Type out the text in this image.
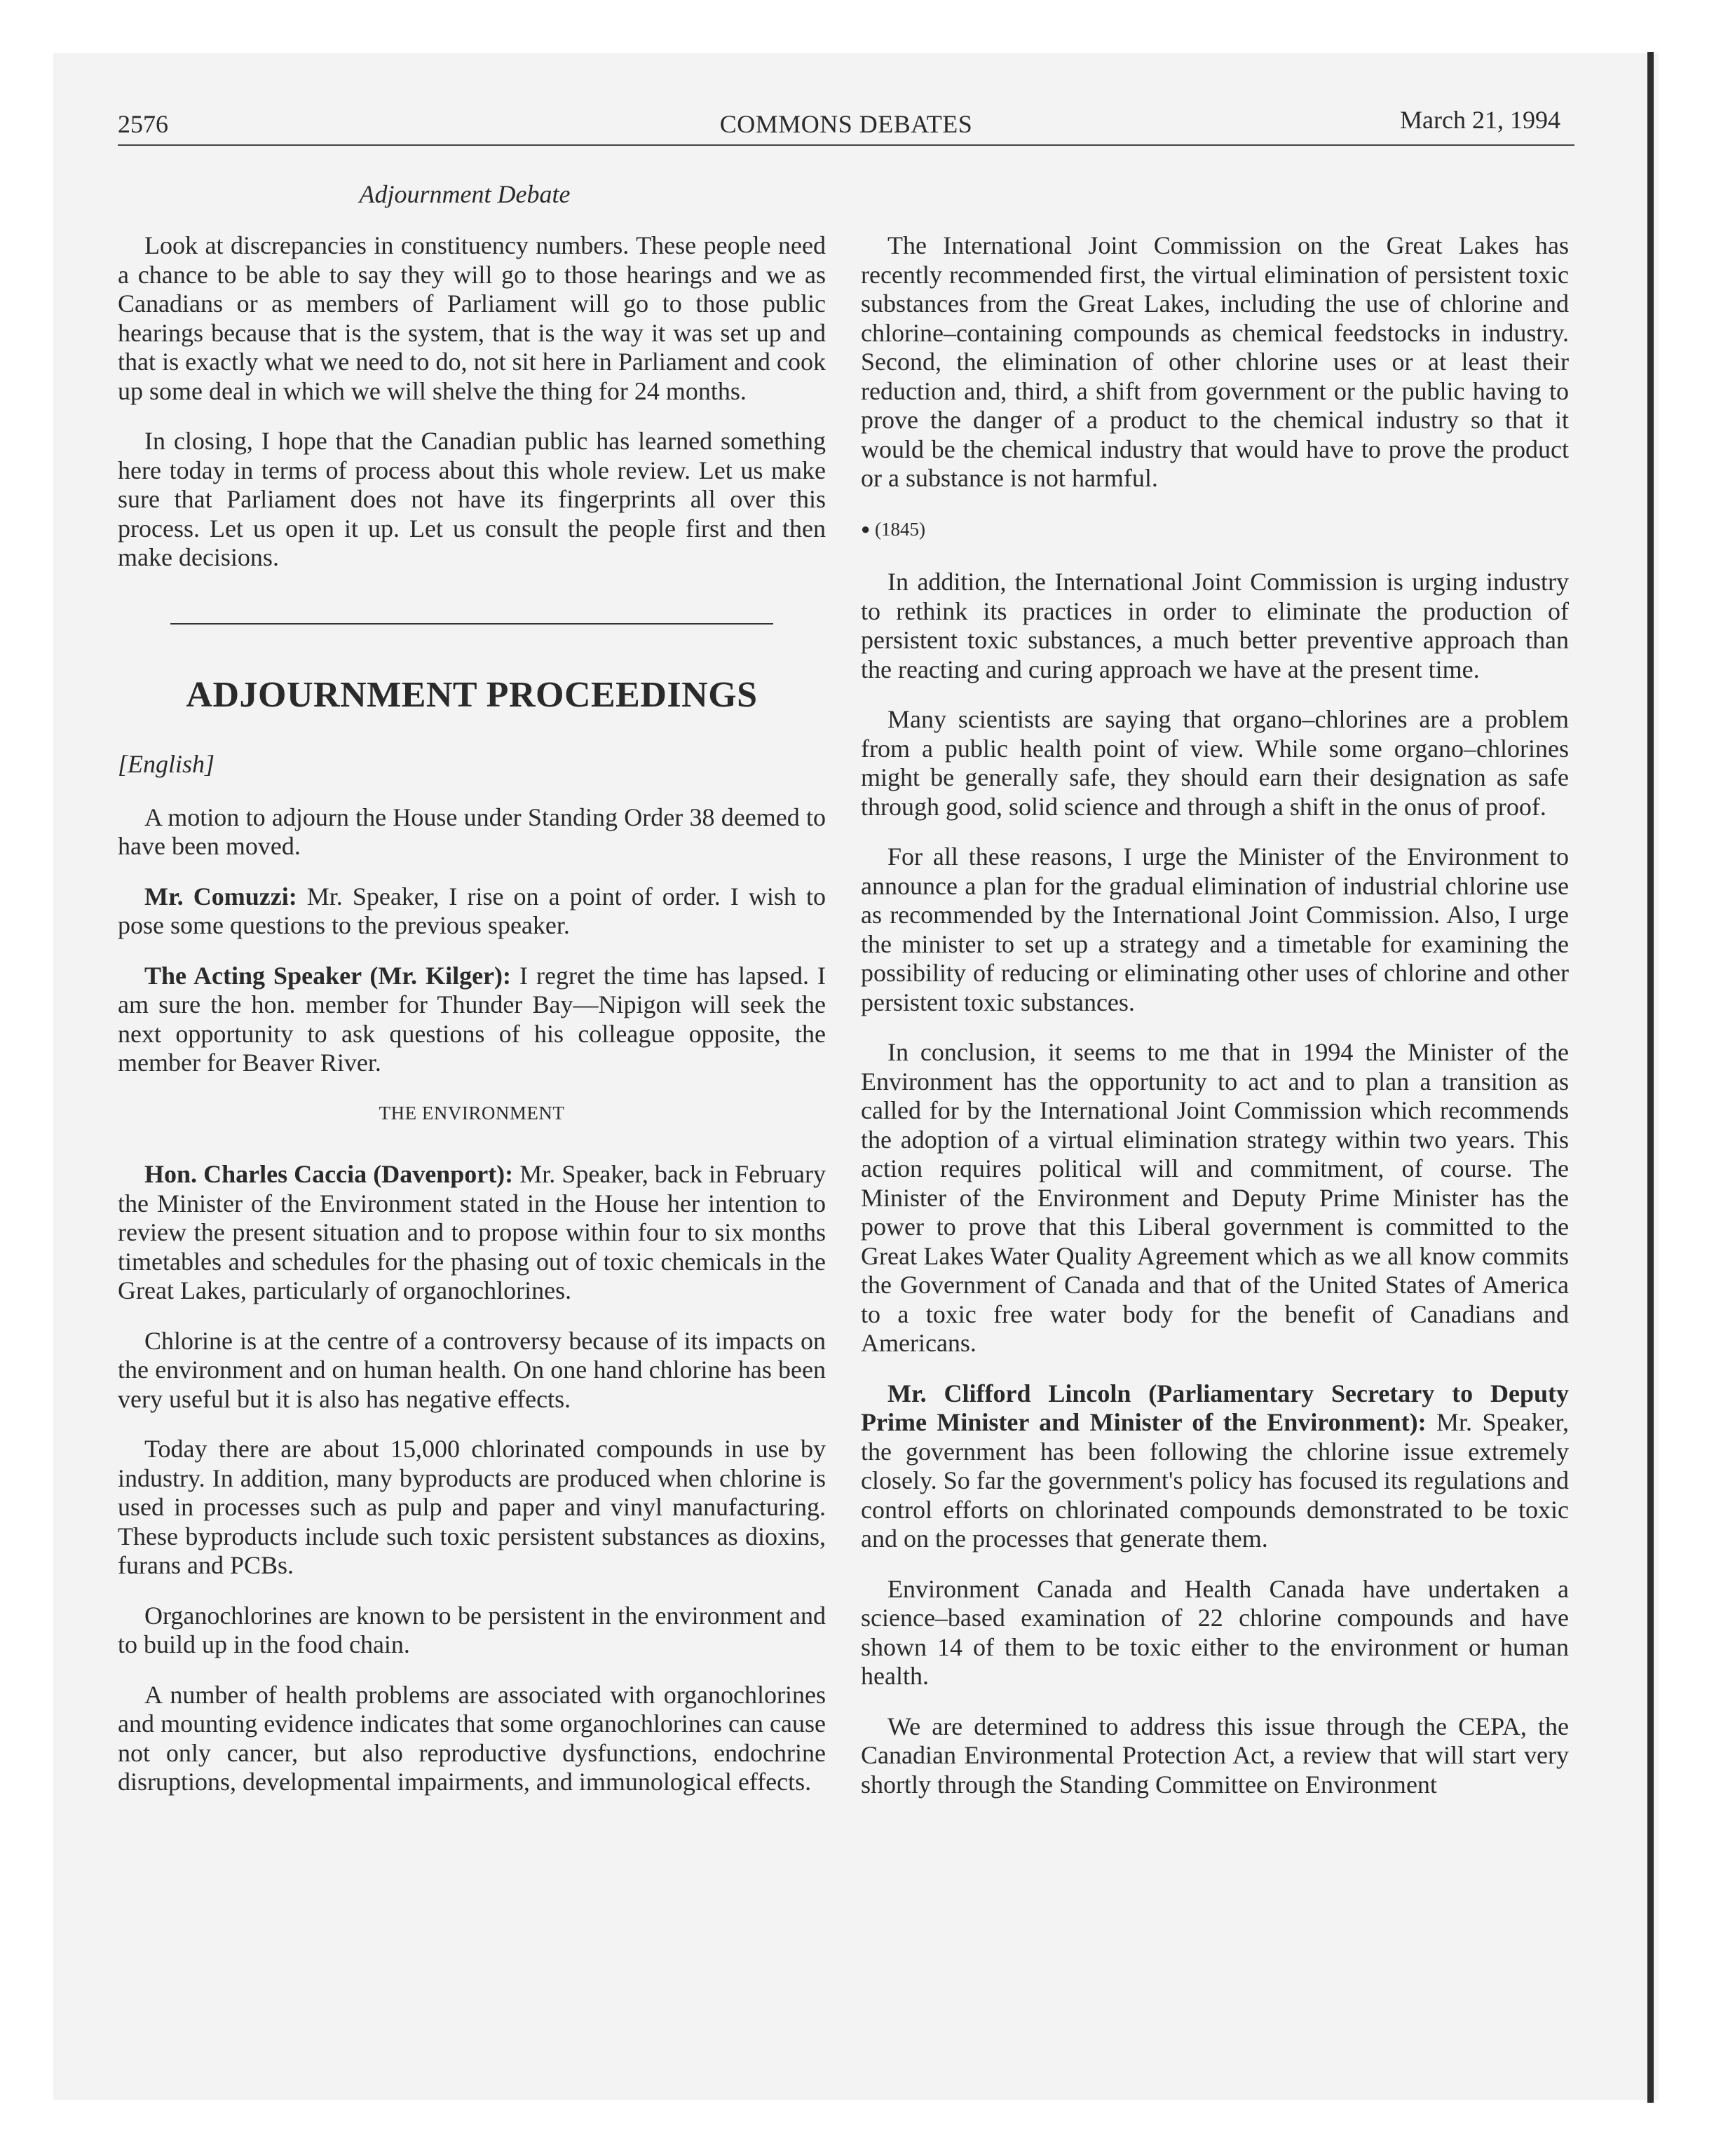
2576	COMMONS DEBATES	March 21, 1994
Adjournment Debate

Look at discrepancies in constituency numbers. These people need a chance to be able to say they will go to those hearings and we as Canadians or as members of Parliament will go to those public hearings because that is the system, that is the way it was set up and that is exactly what we need to do, not sit here in Parliament and cook up some deal in which we will shelve the thing for 24 months.

In closing, I hope that the Canadian public has learned something here today in terms of process about this whole review. Let us make sure that Parliament does not have its fingerprints all over this process. Let us open it up. Let us consult the people first and then make decisions.

ADJOURNMENT PROCEEDINGS
[English]

A motion to adjourn the House under Standing Order 38 deemed to have been moved.

Mr. Comuzzi: Mr. Speaker, I rise on a point of order. I wish to pose some questions to the previous speaker.

The Acting Speaker (Mr. Kilger): I regret the time has lapsed. I am sure the hon. member for Thunder Bay—Nipigon will seek the next opportunity to ask questions of his colleague opposite, the member for Beaver River.

THE ENVIRONMENT

Hon. Charles Caccia (Davenport): Mr. Speaker, back in February the Minister of the Environment stated in the House her intention to review the present situation and to propose within four to six months timetables and schedules for the phasing out of toxic chemicals in the Great Lakes, particularly of organochlorines.

Chlorine is at the centre of a controversy because of its impacts on the environment and on human health. On one hand chlorine has been very useful but it is also has negative effects.

Today there are about 15,000 chlorinated compounds in use by industry. In addition, many byproducts are produced when chlorine is used in processes such as pulp and paper and vinyl manufacturing. These byproducts include such toxic persistent substances as dioxins, furans and PCBs.

Organochlorines are known to be persistent in the environment and to build up in the food chain.

A number of health problems are associated with organochlorines and mounting evidence indicates that some organochlorines can cause not only cancer, but also reproductive dysfunctions, endochrine disruptions, developmental impairments, and immunological effects.

The International Joint Commission on the Great Lakes has recently recommended first, the virtual elimination of persistent toxic substances from the Great Lakes, including the use of chlorine and chlorine–containing compounds as chemical feedstocks in industry. Second, the elimination of other chlorine uses or at least their reduction and, third, a shift from government or the public having to prove the danger of a product to the chemical industry so that it would be the chemical industry that would have to prove the product or a substance is not harmful.

● (1845)

In addition, the International Joint Commission is urging industry to rethink its practices in order to eliminate the production of persistent toxic substances, a much better preventive approach than the reacting and curing approach we have at the present time.

Many scientists are saying that organo–chlorines are a problem from a public health point of view. While some organo–chlorines might be generally safe, they should earn their designation as safe through good, solid science and through a shift in the onus of proof.

For all these reasons, I urge the Minister of the Environment to announce a plan for the gradual elimination of industrial chlorine use as recommended by the International Joint Commission. Also, I urge the minister to set up a strategy and a timetable for examining the possibility of reducing or eliminating other uses of chlorine and other persistent toxic substances.

In conclusion, it seems to me that in 1994 the Minister of the Environment has the opportunity to act and to plan a transition as called for by the International Joint Commission which recommends the adoption of a virtual elimination strategy within two years. This action requires political will and commitment, of course. The Minister of the Environment and Deputy Prime Minister has the power to prove that this Liberal government is committed to the Great Lakes Water Quality Agreement which as we all know commits the Government of Canada and that of the United States of America to a toxic free water body for the benefit of Canadians and Americans.

Mr. Clifford Lincoln (Parliamentary Secretary to Deputy Prime Minister and Minister of the Environment): Mr. Speaker, the government has been following the chlorine issue extremely closely. So far the government's policy has focused its regulations and control efforts on chlorinated compounds demonstrated to be toxic and on the processes that generate them.

Environment Canada and Health Canada have undertaken a science–based examination of 22 chlorine compounds and have shown 14 of them to be toxic either to the environment or human health.

We are determined to address this issue through the CEPA, the Canadian Environmental Protection Act, a review that will start very shortly through the Standing Committee on Environment
